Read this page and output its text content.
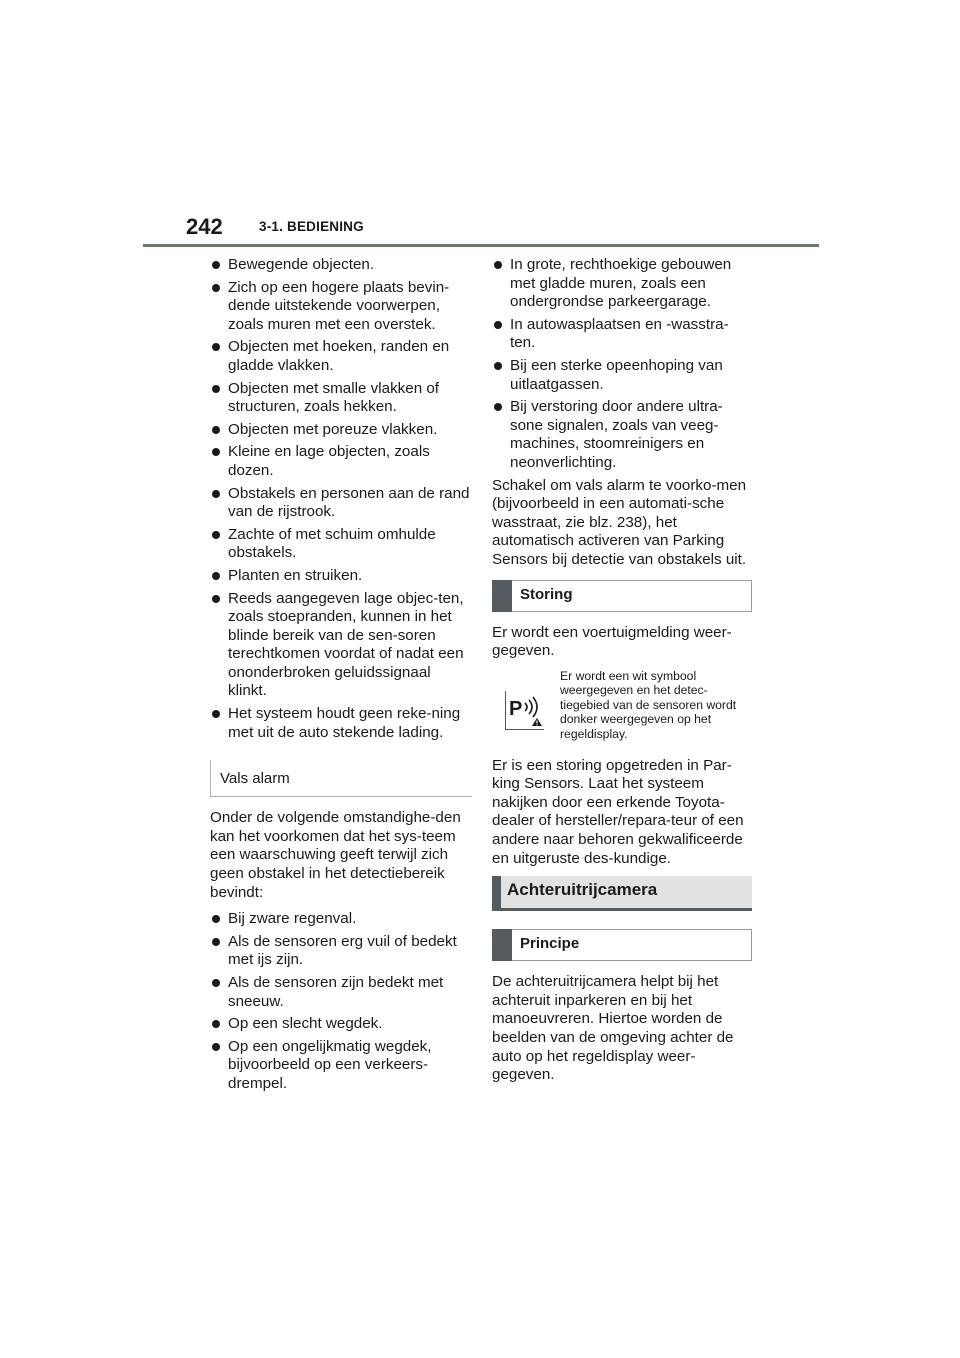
242	3-1. BEDIENING
Bewegende objecten.
Zich op een hogere plaats bevin-dende uitstekende voorwerpen, zoals muren met een overstek.
Objecten met hoeken, randen en gladde vlakken.
Objecten met smalle vlakken of structuren, zoals hekken.
Objecten met poreuze vlakken.
Kleine en lage objecten, zoals dozen.
Obstakels en personen aan de rand van de rijstrook.
Zachte of met schuim omhulde obstakels.
Planten en struiken.
Reeds aangegeven lage objec-ten, zoals stoepranden, kunnen in het blinde bereik van de sen-soren terechtkomen voordat of nadat een ononderbroken geluidssignaal klinkt.
Het systeem houdt geen reke-ning met uit de auto stekende lading.
Vals alarm

Onder de volgende omstandighe-den kan het voorkomen dat het sys-teem een waarschuwing geeft terwijl zich geen obstakel in het detectiebereik bevindt:

Bij zware regenval.
Als de sensoren erg vuil of bedekt met ijs zijn.
Als de sensoren zijn bedekt met sneeuw.
Op een slecht wegdek.
Op een ongelijkmatig wegdek, bijvoorbeeld op een verkeers-drempel.
In grote, rechthoekige gebouwen met gladde muren, zoals een ondergrondse parkeergarage.
In autowasplaatsen en -wasstra-ten.
Bij een sterke opeenhoping van uitlaatgassen.
Bij verstoring door andere ultra-sone signalen, zoals van veeg-machines, stoomreinigers en neonverlichting.

Schakel om vals alarm te voorko-men (bijvoorbeeld in een automati-sche wasstraat, zie blz. 238), het automatisch activeren van Parking Sensors bij detectie van obstakels uit.

Storing

Er wordt een voertuigmelding weer-gegeven.

P
Er wordt een wit symbool weergegeven en het detec-tiegebied van de sensoren wordt donker weergegeven op het regeldisplay.

Er is een storing opgetreden in Par-king Sensors. Laat het systeem nakijken door een erkende Toyota-dealer of hersteller/repara-teur of een andere naar behoren gekwalificeerde en uitgeruste des-kundige.

Achteruitrijcamera
Principe

De achteruitrijcamera helpt bij het achteruit inparkeren en bij het manoeuvreren. Hiertoe worden de beelden van de omgeving achter de auto op het regeldisplay weer-gegeven.
